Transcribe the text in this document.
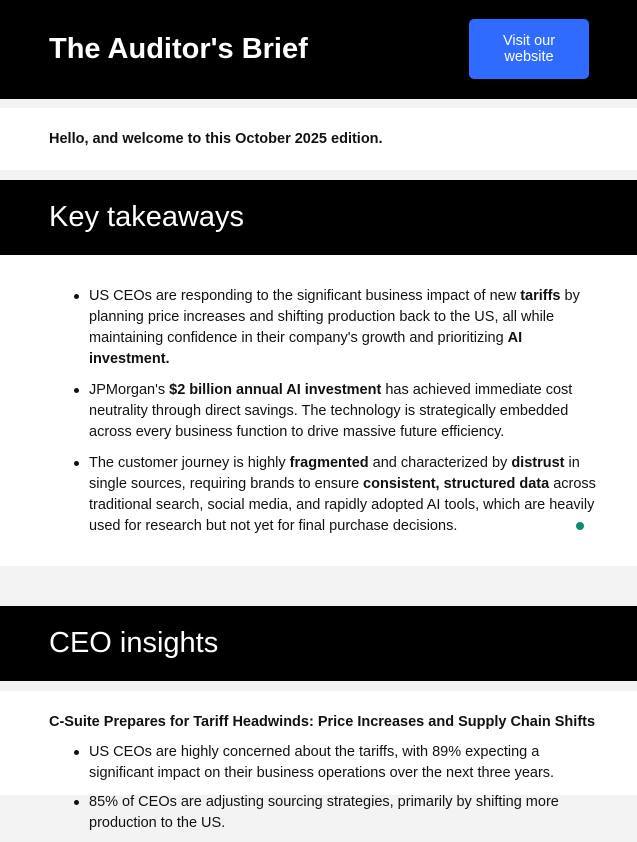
The Auditor's Brief	Visit our website
Hello, and welcome to this October 2025 edition.
Key takeaways
US CEOs are responding to the significant business impact of new tariffs by planning price increases and shifting production back to the US, all while maintaining confidence in their company's growth and prioritizing AI investment.
JPMorgan's $2 billion annual AI investment has achieved immediate cost neutrality through direct savings. The technology is strategically embedded across every business function to drive massive future efficiency.
The customer journey is highly fragmented and characterized by distrust in single sources, requiring brands to ensure consistent, structured data across traditional search, social media, and rapidly adopted AI tools, which are heavily used for research but not yet for final purchase decisions.
CEO insights
C-Suite Prepares for Tariff Headwinds: Price Increases and Supply Chain Shifts
US CEOs are highly concerned about the tariffs, with 89% expecting a significant impact on their business operations over the next three years.
85% of CEOs are adjusting sourcing strategies, primarily by shifting more production to the US.
